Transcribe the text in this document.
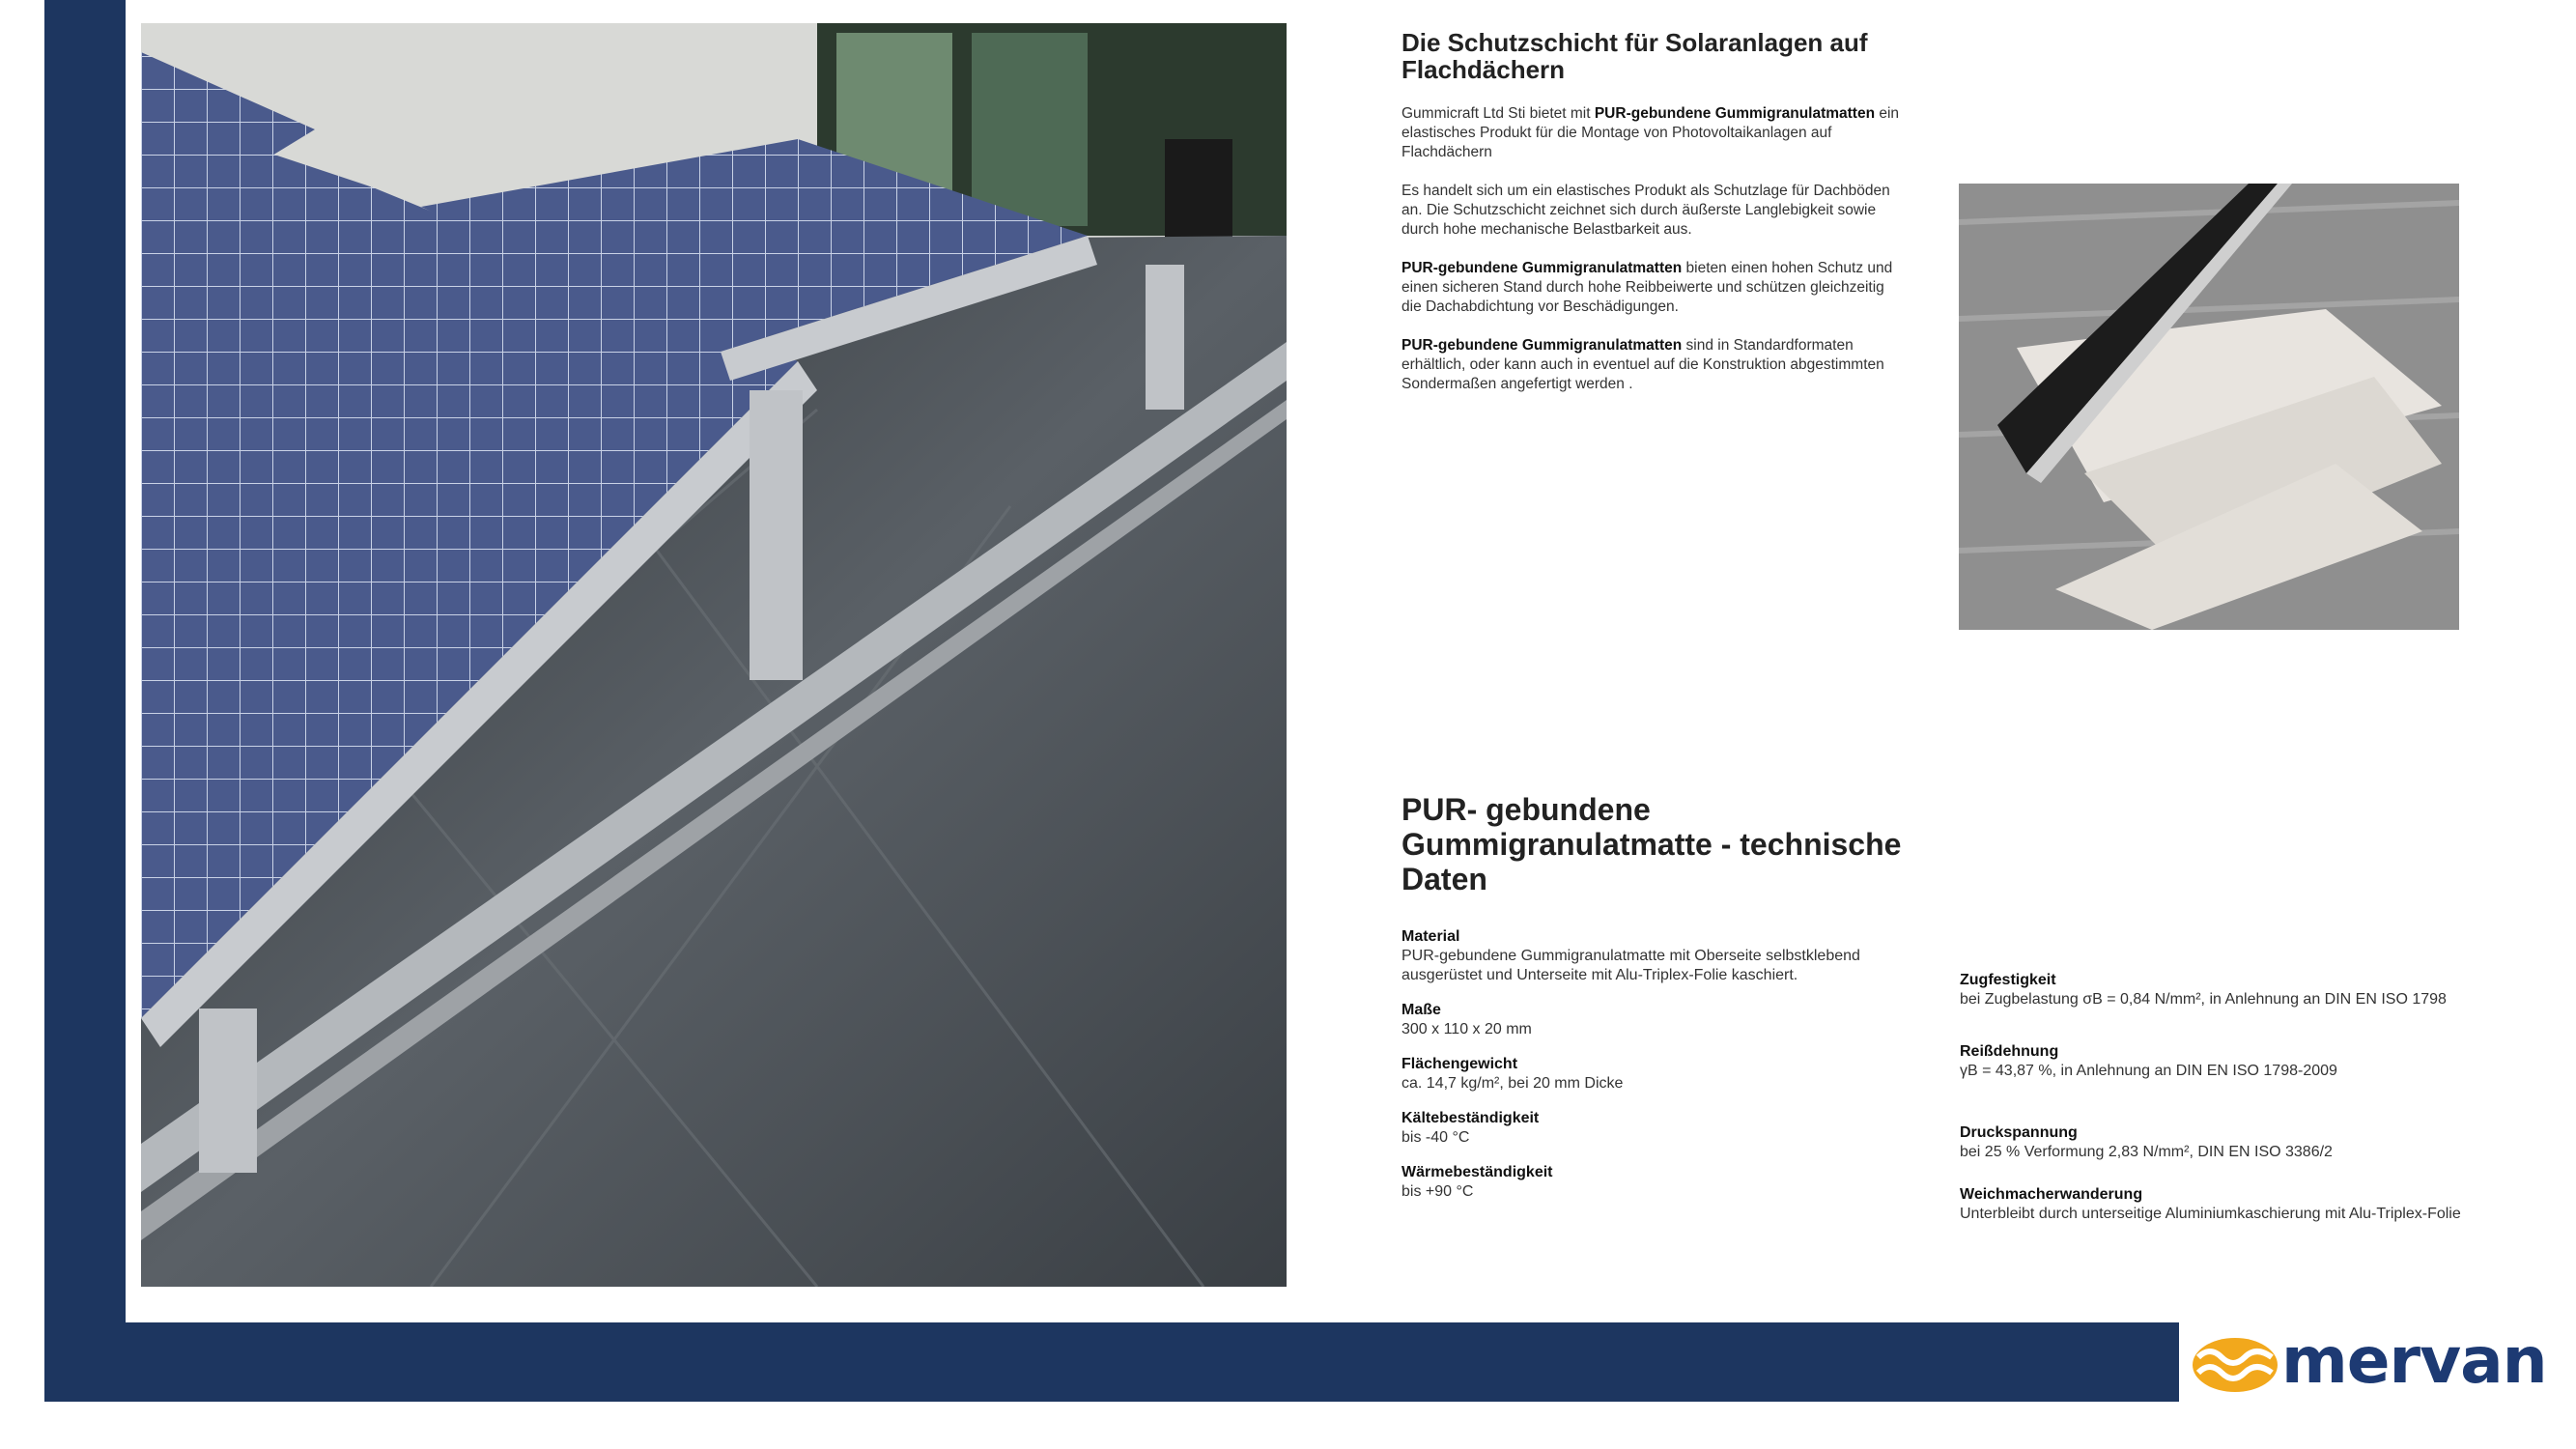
Die Schutzschicht für Solaranlagen auf Flachdächern

Gummicraft Ltd Sti bietet mit PUR-gebundene Gummigranulatmatten ein elastisches Produkt für die Montage von Photovoltaikanlagen auf Flachdächern

Es handelt sich um ein elastisches Produkt als Schutzlage für Dachböden an. Die Schutzschicht zeichnet sich durch äußerste Langlebigkeit sowie durch hohe mechanische Belastbarkeit aus.

PUR-gebundene Gummigranulatmatten bieten einen hohen Schutz und einen sicheren Stand durch hohe Reibbeiwerte und schützen gleichzeitig die Dachabdichtung vor Beschädigungen.

PUR-gebundene Gummigranulatmatten sind in Standardformaten erhältlich, oder kann auch in eventuel auf die Konstruktion abgestimmten Sondermaßen angefertigt werden .

PUR- gebundene Gummigranulatmatte - technische Daten
Material
PUR-gebundene Gummigranulatmatte mit Oberseite selbstklebend ausgerüstet und Unterseite mit Alu-Triplex-Folie kaschiert.
Maße
300 x 110 x 20 mm
Flächengewicht
ca. 14,7 kg/m², bei 20 mm Dicke
Kältebeständigkeit
bis -40 °C
Wärmebeständigkeit
bis +90 °C
Zugfestigkeit
bei Zugbelastung σB = 0,84 N/mm², in Anlehnung an DIN EN ISO 1798
Reißdehnung
γB = 43,87 %, in Anlehnung an DIN EN ISO 1798-2009
Druckspannung
bei 25 % Verformung 2,83 N/mm², DIN EN ISO 3386/2
Weichmacherwanderung
Unterbleibt durch unterseitige Aluminiumkaschierung mit Alu-Triplex-Folie
mervan
